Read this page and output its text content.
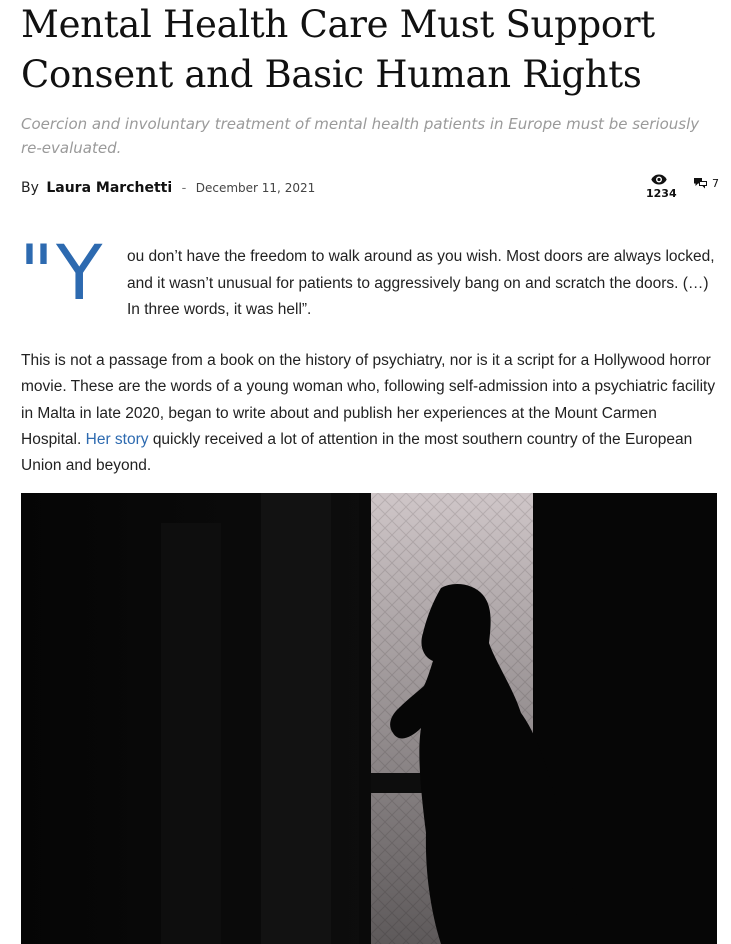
Mental Health Care Must Support Consent and Basic Human Rights
Coercion and involuntary treatment of mental health patients in Europe must be seriously re-evaluated.
By Laura Marchetti - December 11, 2021	1234
7
"Y ou don’t have the freedom to walk around as you wish. Most doors are always locked, and it wasn’t unusual for patients to aggressively bang on and scratch the doors. (…) In three words, it was hell”.

This is not a passage from a book on the history of psychiatry, nor is it a script for a Hollywood horror movie. These are the words of a young woman who, following self-admission into a psychiatric facility in Malta in late 2020, began to write about and publish her experiences at the Mount Carmen Hospital. Her story quickly received a lot of attention in the most southern country of the European Union and beyond.
